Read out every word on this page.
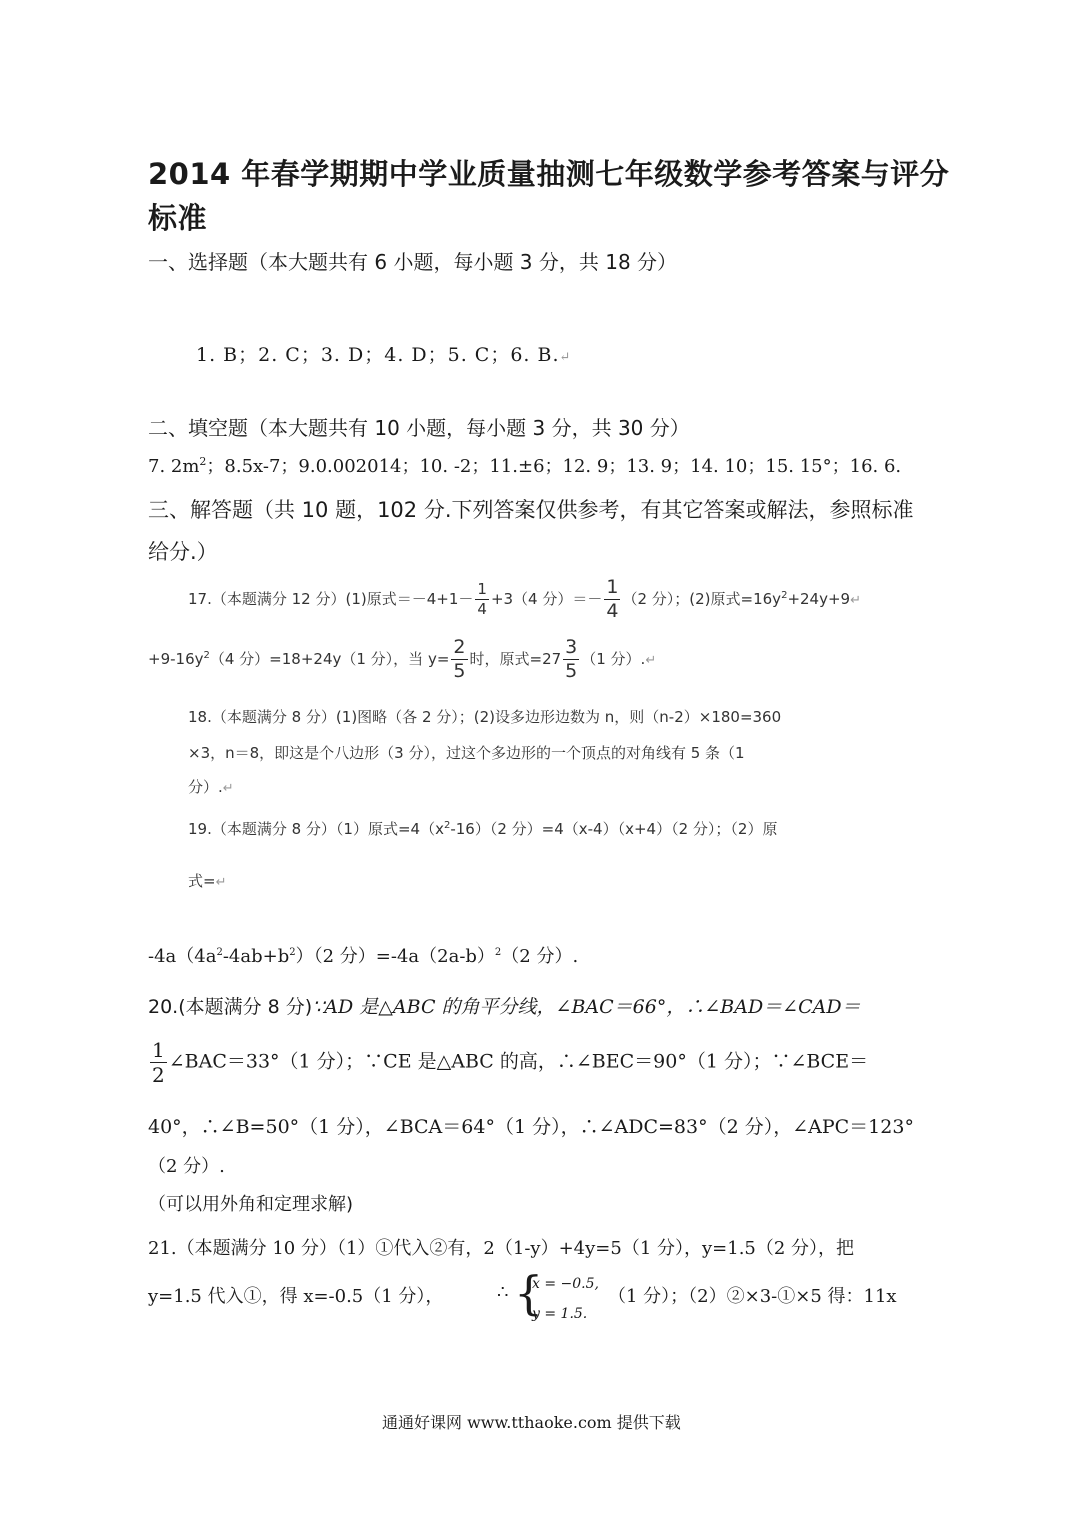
2014 年春学期期中学业质量抽测七年级数学参考答案与评分
标准
一、选择题（本大题共有 6 小题，每小题 3 分，共 18 分）
1. B；2. C；3. D；4. D；5. C；6. B.↵
二、填空题（本大题共有 10 小题，每小题 3 分，共 30 分）
7. $2m^2$；8.5x-7；9.0.002014；10. -2；11.±6；12. 9；13. 9；14. 10；15. 15°；16. 6.
三、解答题（共 10 题，102 分.下列答案仅供参考，有其它答案或解法，参照标准
给分.）
17.（本题满分 12 分）(1)原式$=-4+1- \frac{1}{4} +3(4$ 分）＝－ $\frac{1}{4} (2$ 分）；(2)原式$=16y^2+24y+9↵$
$+9-16y^2(4$ 分）=18+24y（1 分），当 $y= \frac{2}{5}$ 时，原式$=27 \frac{3}{5} (1$ 分）.↵
18.（本题满分 8 分）(1)图略（各 2 分）；(2)设多边形边数为 n，则（n-2）×180=360
×3，n＝8，即这是个八边形（3 分），过这个多边形的一个顶点的对角线有 5 条（1
分）.↵
19.（本题满分 8 分）（1）原式$=4(x^2-16)(2$ 分）=4（x-4）（x+4）（2 分）；（2）原
式=↵
$-4a(4a^2-4ab+b^2)(2$ 分）$=-4a(2a-b)^2(2$ 分）.
20.(本题满分 8 分)∵AD 是△ABC 的角平分线，∠BAC＝66°，∴∠BAD＝∠CAD＝
$\frac{1}{2}$ ∠BAC＝33°（1 分）；∵CE 是△ABC 的高，∴∠BEC＝90°（1 分）；∵∠BCE＝
40°，∴∠B=50°（1 分），∠BCA＝64°（1 分），∴∠ADC=83°（2 分），∠APC＝123°
（2 分）.
（可以用外角和定理求解)
21.（本题满分 10 分）（1）①代入②有，2（1-y）+4y=5（1 分），y=1.5（2 分），把
y=1.5 代入①，得 x=-0.5（1 分），	∴ {
x = −0.5,
y = 1.5.
（1 分）；（2）②×3-①×5 得：11x
通通好课网 www.tthaoke.com 提供下载
